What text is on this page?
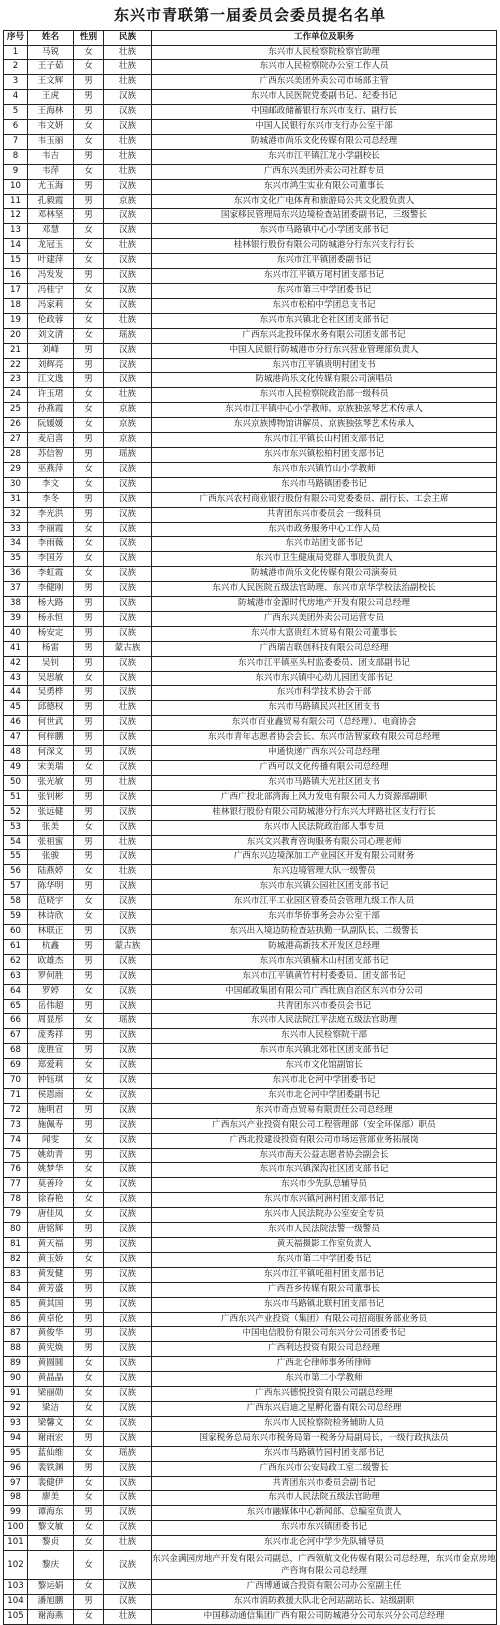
东兴市青联第一届委员会委员提名名单
序号	姓名	性别	民族	工作单位及职务
1	马锐	女	壮族	东兴市人民检察院检察官助理
2	王子茹	女	壮族	东兴市人民检察院办公室工作人员
3	王文辉	男	壮族	广西东兴美团外卖公司市场部主管
4	王虎	男	汉族	东兴市人民医院党委副书记、纪委书记
5	王海林	男	汉族	中国邮政储蓄银行东兴市支行、副行长
6	韦文妍	女	汉族	中国人民银行东兴市支行办公室干部
7	韦玉丽	女	壮族	防城港市尚乐文化传媒有限公司总经理
8	韦吉	男	壮族	东兴市江平镇江龙小学副校长
9	韦萍	女	壮族	广西东兴美团外卖公司社群专员
10	尤玉海	男	汉族	东兴市鸿生实业有限公司董事长
11	孔毅霞	男	京族	东兴市文化广电体育和旅游局公共文化股负责人
12	邓林坚	男	汉族	国家移民管理局东兴边境检查站团委副书记，三级警长
13	邓慧	女	汉族	东兴市马路镇中心小学团支部书记
14	龙冠玉	女	壮族	桂林银行股份有限公司防城港分行东兴支行行长
15	叶建萍	女	汉族	东兴市江平镇团委副书记
16	冯发发	男	汉族	东兴市江平镇万尾村团支部书记
17	冯桂宁	女	汉族	东兴市第三中学团委书记
18	冯家莉	女	汉族	东兴市松柏中学团总支书记
19	伦政蓉	女	壮族	东兴市东兴镇北仑社区团支部书记
20	刘文清	女	瑶族	广西东兴北投环保水务有限公司团支部书记
21	刘峰	男	汉族	中国人民银行防城港市分行东兴营业管理部负责人
22	刘辉亮	男	汉族	东兴市江平镇贵明村团支书
23	江文逸	男	汉族	防城港尚乐文化传媒有限公司演唱员
24	许玉珺	女	壮族	东兴市人民检察院政治部一级科员
25	孙燕霞	女	京族	东兴市江平镇中心小学教师、京族独弦琴艺术传承人
26	阮媛媛	女	京族	东兴京族博物馆讲解员、京族独弦琴艺术传承人
27	麦启喜	男	京族	东兴市江平镇长山村团支部书记
28	苏信智	男	瑶族	东兴市东兴镇松柏村团支部书记
29	巫燕萍	女	汉族	东兴市东兴镇竹山小学教师
30	李文	女	汉族	东兴市马路镇团委书记
31	李冬	男	汉族	广西东兴农村商业银行股份有限公司党委委员、副行长、工会主席
32	李光洪	男	汉族	共青团东兴市委员会 一级科员
33	李丽霞	女	汉族	东兴市政务服务中心工作人员
34	李雨薇	女	汉族	东兴市站团支部书记
35	李国芳	女	汉族	东兴市卫生健康局党群人事股负责人
36	李虹霞	女	汉族	防城港市尚乐文化传媒有限公司演奏员
37	李健刚	男	汉族	东兴市人民医院五级法官助理、东兴市京华学校法治副校长
38	杨大路	男	汉族	防城港市金源时代房地产开发有限公司总经理
39	杨永恒	男	汉族	广西东兴美团外卖公司运营专员
40	杨安定	男	汉族	东兴市大富贵红木贸易有限公司董事长
41	杨雷	男	蒙古族	广西瑞吉联创科技有限公司总经理
42	吴钊	男	汉族	东兴市江平镇巫头村监委委员、团支部副书记
43	吴思敏	女	汉族	东兴市东兴镇中心幼儿园团支部书记
44	吴勇桦	男	汉族	东兴市科学技术协会干部
45	邱德权	男	壮族	东兴市马路镇民兴社区团支书
46	何世武	男	汉族	东兴市百业鑫贸易有限公司（总经理）、电商协会
47	何梓鹏	男	汉族	东兴市青年志愿者协会会长、东兴市洁智家政有限公司总经理
48	何深文	男	汉族	申通快递广西东兴公司总经理
49	宋美瑞	女	汉族	广西可以文化传播有限公司总经理
50	张光敏	男	壮族	东兴市马路镇大光社区团支书
51	张钊彬	男	汉族	广西广投北部湾海上风力发电有限公司人力资源部副职
52	张远健	男	汉族	桂林银行股份有限公司防城港分行东兴大坪路社区支行行长
53	张美	女	汉族	东兴市人民法院政治部人事专员
54	张祖蜜	男	壮族	东兴文兴教育咨询服务有限公司心理老师
55	张骏	男	汉族	广西东兴边境深加工产业园区开发有限公司财务
56	陆燕婷	女	壮族	东兴边境管理大队一级警员
57	陈华明	男	汉族	东兴市东兴镇公园社区团支部书记
58	范晓宇	女	汉族	东兴市江平工业园区管委员会管理九级工作人员
59	林诗欣	女	汉族	东兴市华侨事务会办公室干部
60	林联正	男	汉族	东兴出入境边防检查站执勤一队副队长、二级警长
61	杭鑫	男	蒙古族	防城港高新技术开发区总经理
62	欧雄杰	男	汉族	东兴市东兴镇楠木山村团支部书记
63	罗何胜	男	汉族	东兴市江平镇黄竹村村委委员、团支部书记
64	罗婷	女	汉族	中国邮政集团有限公司广西壮族自治区东兴市分公司
65	岳伟超	男	汉族	共青团东兴市委员会书记
66	周显彤	女	瑶族	东兴市人民法院江平法庭五级法官助理
67	庞秀祥	男	汉族	东兴市人民检察院干部
68	庞胜宣	男	汉族	东兴市东兴镇北郊社区团支部书记
69	郑爱莉	女	汉族	东兴市文化馆副馆长
70	钟钰琪	女	汉族	东兴市北仑河中学团委书记
71	侯恩雨	女	汉族	东兴市北仑河中学团委副书记
72	施明君	男	汉族	东兴市奇点贸易有限责任公司总经理
73	施佩寿	男	汉族	广西东兴产业投资有限公司工程管理部（安全环保部）职员
74	闻雯	女	汉族	广西北投建设投资有限公司市场运营部业务拓展岗
75	姚幼青	男	汉族	东兴市海天公益志愿者协会副会长
76	姚梦华	女	汉族	东兴市东兴镇深沟社区团支部书记
77	莫善玲	女	汉族	东兴市少先队总辅导员
78	徐春艳	女	汉族	东兴市东兴镇河洲村团支部书记
79	唐佳凤	女	汉族	东兴市人民法院办公室安全专员
80	唐铭辉	男	汉族	东兴市人民法院法警一级警员
81	黄天福	男	汉族	黄天福摄影工作室负责人
82	黄玉娇	女	汉族	东兴市第二中学团委书记
83	黄发健	男	汉族	东兴市江平镇吒祖村团支部书记
84	黄芳盛	男	汉族	广西吾乡传媒有限公司董事长
85	黄其国	男	汉族	东兴市马路镇北联村团支部书记
86	黄卓伦	男	汉族	广西东兴产业投资（集团）有限公司招商服务部业务员
87	黄俊华	男	汉族	中国电信股份有限公司东兴分公司团委书记
88	黄宪焕	男	汉族	广西利达投资有限公司总经理
89	黄圆圆	女	汉族	广西北仑律师事务所律师
90	黄晶晶	女	汉族	东兴市第二小学教师
91	梁丽勋	女	汉族	广西东兴德悦投资有限公司副总经理
92	梁洁	女	汉族	广西东兴启迪之星孵化器有限公司总经理
93	梁馨文	女	汉族	东兴市人民检察院检务辅助人员
94	谢雨宏	男	汉族	国家税务总局东兴市税务局第一税务分局副局长，一级行政执法员
95	蓝仙维	女	瑶族	东兴市马路镇竹园村团支部书记
96	裴铁渊	男	汉族	广西东兴市公安局政工室二级警长
97	裴健伊	女	汉族	共青团东兴市委员会副书记
98	廖美	女	汉族	东兴市人民法院五级法官助理
99	谭海东	男	汉族	东兴市融媒体中心新闻部、总编室负责人
100	黎文敏	女	汉族	东兴市东兴镇团委书记
101	黎贞	女	壮族	东兴市北仑河中学少先队辅导员
102	黎庆	女	汉族	东兴金满园房地产开发有限公司副总，广西领航文化传媒有限公司总经理，东兴市金京房地产咨询有限公司总经理
103	黎运娟	女	汉族	广西博通诚合投资有限公司办公室副主任
104	潘旭鹏	男	汉族	东兴市消防救援大队北仑河站副站长、站级副职
105	谢海燕	女	壮族	中国移动通信集团广西有限公司防城港分公司东兴分公司总经理
